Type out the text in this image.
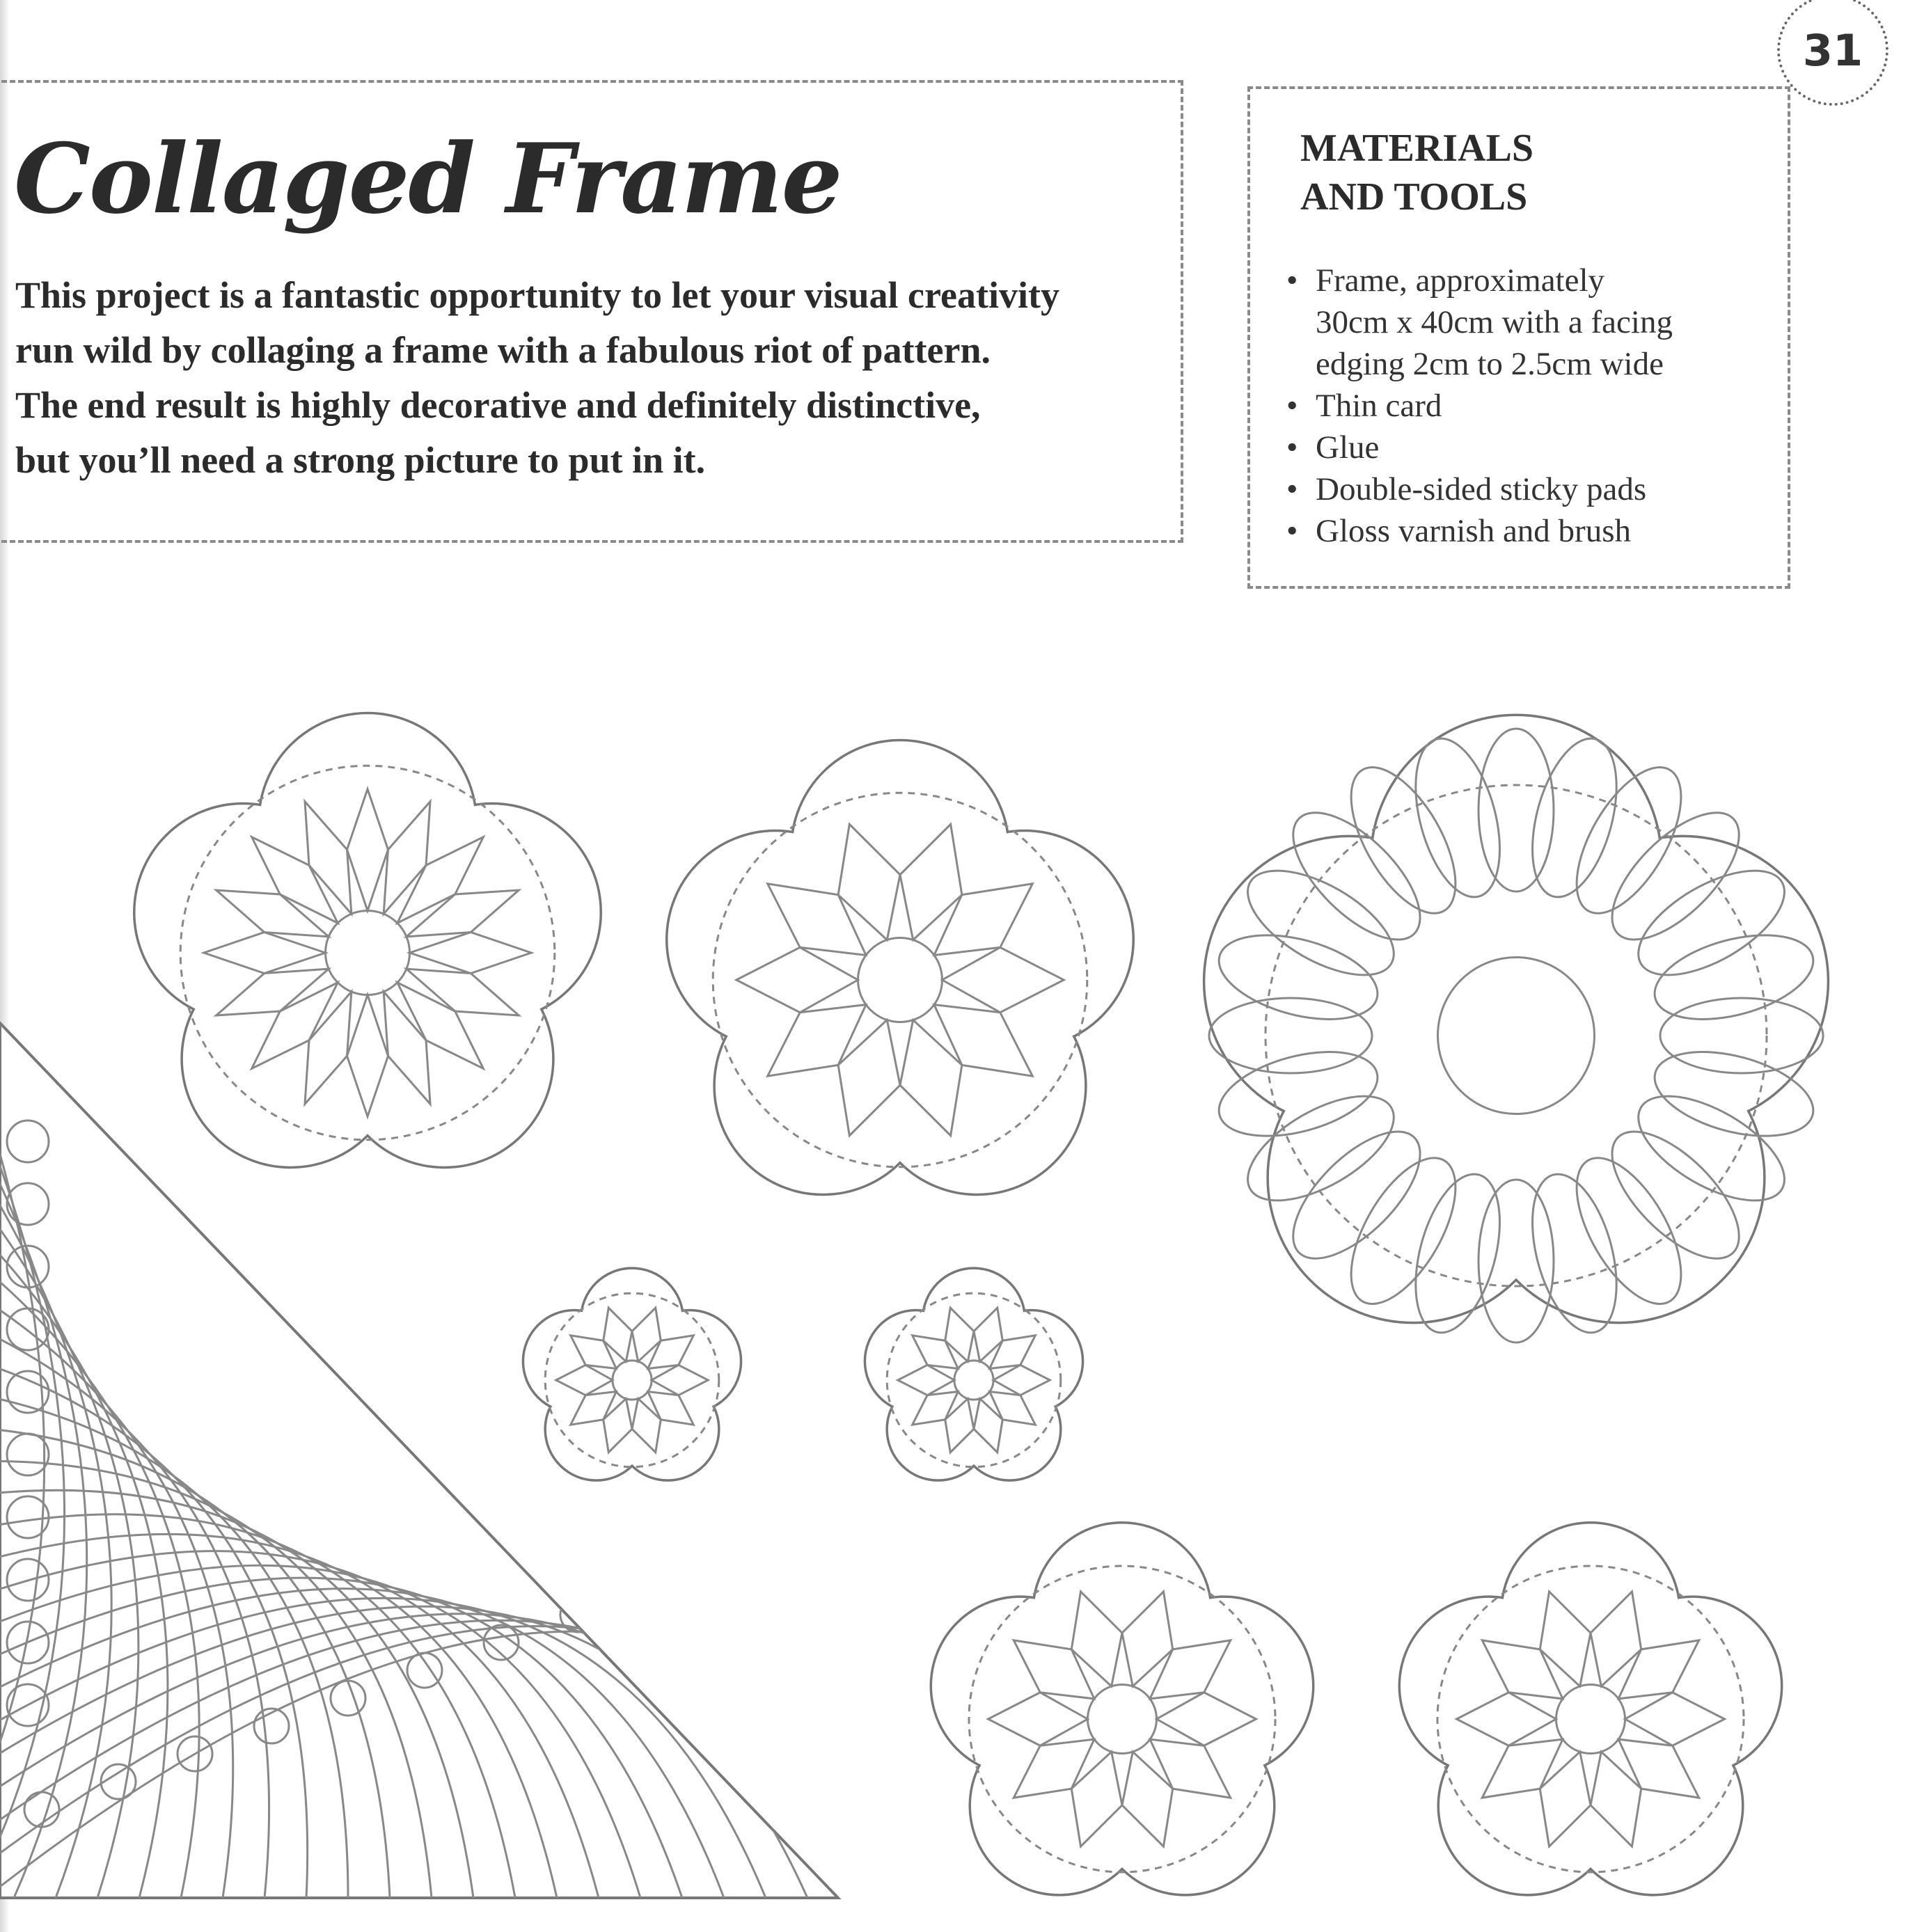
31
Collaged Frame
This project is a fantastic opportunity to let your visual creativity
run wild by collaging a frame with a fabulous riot of pattern.
The end result is highly decorative and definitely distinctive,
but you’ll need a strong picture to put in it.
MATERIALS
AND TOOLS
• Frame, approximately
30cm x 40cm with a facing
edging 2cm to 2.5cm wide
• Thin card
• Glue
• Double-sided sticky pads
• Gloss varnish and brush
